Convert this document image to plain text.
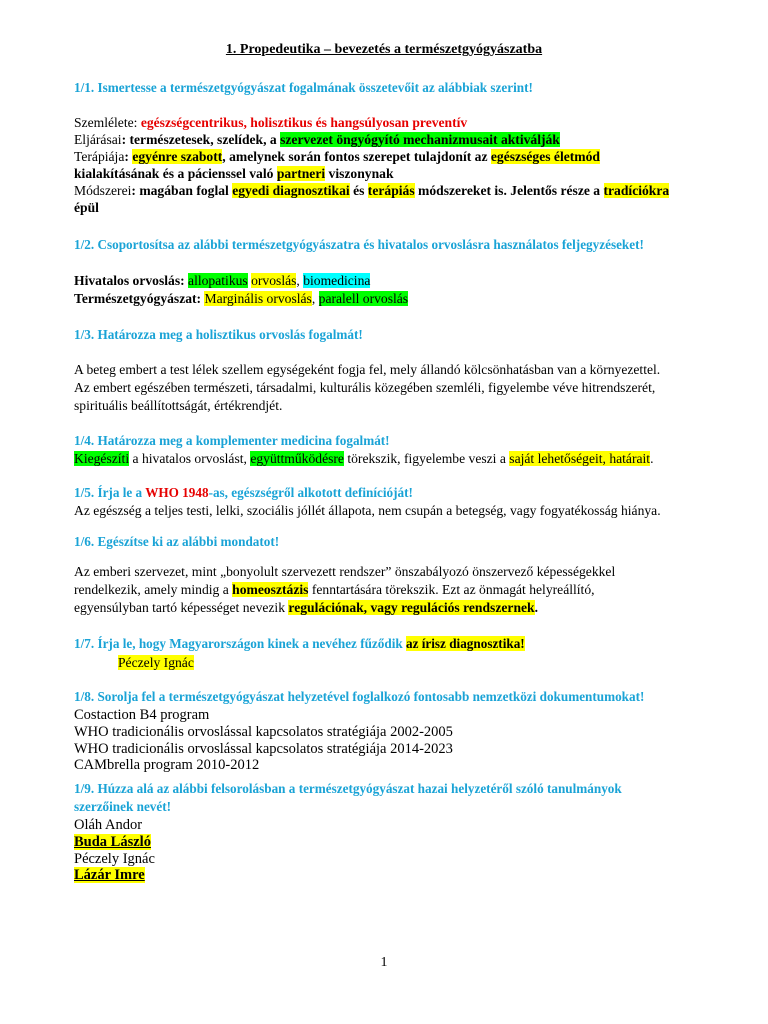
1. Propedeutika – bevezetés a természetgyógyászatba
1/1. Ismertesse a természetgyógyászat fogalmának összetevőit az alábbiak szerint!
Szemlélete: egészségcentrikus, holisztikus és hangsúlyosan preventív
Eljárásai: természetesek, szelídek, a szervezet öngyógyító mechanizmusait aktiválják
Terápiája: egyénre szabott, amelynek során fontos szerepet tulajdonít az egészséges életmód
kialakításának és a pácienssel való partneri viszonynak
Módszerei: magában foglal egyedi diagnosztikai és terápiás módszereket is. Jelentős része a tradíciókra
épül
1/2. Csoportosítsa az alábbi természetgyógyászatra és hivatalos orvoslásra használatos feljegyzéseket!
Hivatalos orvoslás: allopatikus orvoslás, biomedicina
Természetgyógyászat: Marginális orvoslás, paralell orvoslás
1/3. Határozza meg a holisztikus orvoslás fogalmát!
A beteg embert a test lélek szellem egységeként fogja fel, mely állandó kölcsönhatásban van a környezettel.
Az embert egészében természeti, társadalmi, kulturális közegében szemléli, figyelembe véve hitrendszerét,
spirituális beállítottságát, értékrendjét.
1/4. Határozza meg a komplementer medicina fogalmát!
Kiegészíti a hivatalos orvoslást, együttműködésre törekszik, figyelembe veszi a saját lehetőségeit, határait.
1/5. Írja le a WHO 1948-as, egészségről alkotott definícióját!
Az egészség a teljes testi, lelki, szociális jóllét állapota, nem csupán a betegség, vagy fogyatékosság hiánya.
1/6. Egészítse ki az alábbi mondatot!
Az emberi szervezet, mint „bonyolult szervezett rendszer” önszabályozó önszervező képességekkel
rendelkezik, amely mindig a homeosztázis fenntartására törekszik. Ezt az önmagát helyreállító,
egyensúlyban tartó képességet nevezik regulációnak, vagy regulációs rendszernek.
1/7. Írja le, hogy Magyarországon kinek a nevéhez fűződik az írisz diagnosztika!
Péczely Ignác
1/8. Sorolja fel a természetgyógyászat helyzetével foglalkozó fontosabb nemzetközi dokumentumokat!
Costaction B4 program
WHO tradicionális orvoslással kapcsolatos stratégiája 2002-2005
WHO tradicionális orvoslással kapcsolatos stratégiája 2014-2023
CAMbrella program 2010-2012
1/9. Húzza alá az alábbi felsorolásban a természetgyógyászat hazai helyzetéről szóló tanulmányok
szerzőinek nevét!
Oláh Andor
Buda László
Péczely Ignác
Lázár Imre
1
